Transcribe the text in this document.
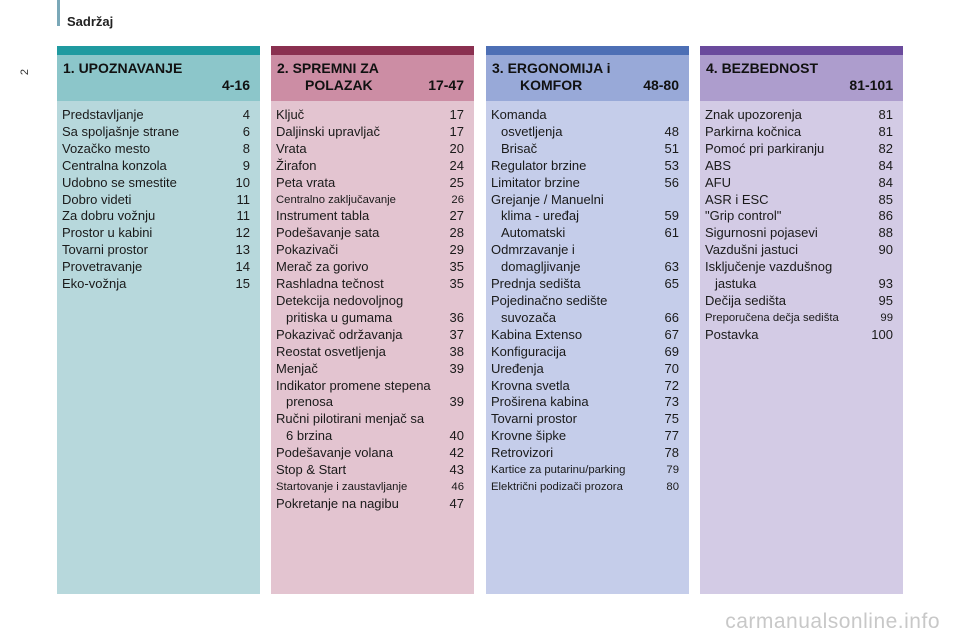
Sadržaj
2 1. UPOZNAVANJE
4-16
Predstavljanje	4
Sa spoljašnje strane	6
Vozačko mesto	8
Centralna konzola	9
Udobno se smestite	10
Dobro videti	11
Za dobru vožnju	11
Prostor u kabini	12
Tovarni prostor	13
Provetravanje	14
Eko-vožnja	15
2. SPREMNI ZA
POLAZAK	17-47
Ključ	17
Daljinski upravljač	17
Vrata	20
Žirafon	24
Peta vrata	25
Centralno zaključavanje	26
Instrument tabla	27
Podešavanje sata	28
Pokazivači	29
Merač za gorivo	35
Rashladna tečnost	35
Detekcija nedovoljnog
pritiska u gumama	36
Pokazivač održavanja	37
Reostat osvetljenja	38
Menjač	39
Indikator promene stepena
prenosa	39
Ručni pilotirani menjač sa
6 brzina	40
Podešavanje volana	42
Stop & Start	43
Startovanje i zaustavljanje	46
Pokretanje na nagibu	47
3. ERGONOMIJA i
KOMFOR	48-80
Komanda
osvetljenja	48
Brisač	51
Regulator brzine	53
Limitator brzine	56
Grejanje / Manuelni
klima - uređaj	59
Automatski	61
Odmrzavanje i
domagljivanje	63
Prednja sedišta	65
Pojedinačno sedište
suvozača	66
Kabina Extenso	67
Konfiguracija	69
Uređenja	70
Krovna svetla	72
Proširena kabina	73
Tovarni prostor	75
Krovne šipke	77
Retrovizori	78
Kartice za putarinu/parking	79
Električni podizači prozora	80
4. BEZBEDNOST
81-101
Znak upozorenja	81
Parkirna kočnica	81
Pomoć pri parkiranju	82
ABS	84
AFU	84
ASR i ESC	85
"Grip control"	86
Sigurnosni pojasevi	88
Vazdušni jastuci	90
Isključenje vazdušnog
jastuka	93
Dečija sedišta	95
Preporučena dečja sedišta	99
Postavka	100
carmanualsonline.info
